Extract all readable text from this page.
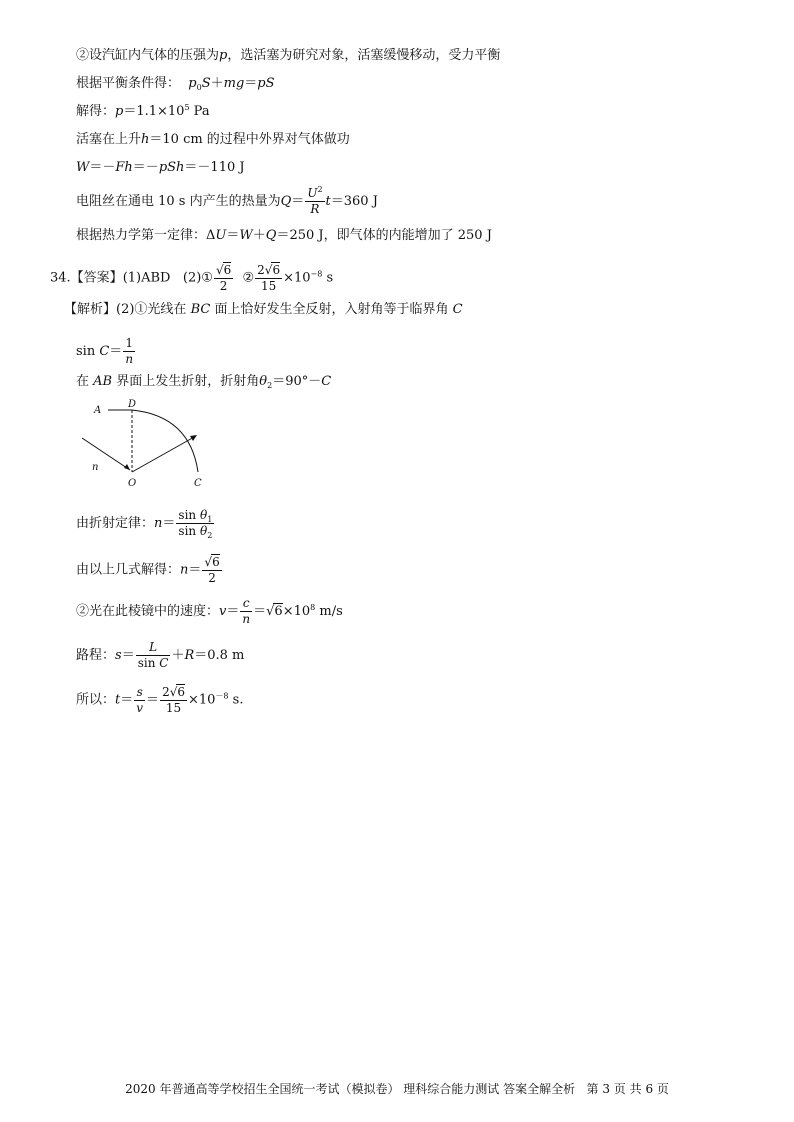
②设汽缸内气体的压强为p，选活塞为研究对象，活塞缓慢移动，受力平衡
根据平衡条件得： $p_0S+mg=pS$
解得：$p=1.1\times 10^5$ Pa
活塞在上升h＝10 cm 的过程中外界对气体做功
W＝－Fh＝－pSh＝－110 J
电阻丝在通电 10 s 内产生的热量为$Q= \frac{U^2}{R} t=360$ J
根据热力学第一定律：ΔU＝W＋Q＝250 J，即气体的内能增加了 250 J
34.【答案】(1)ABD (2)① $\frac{√6}{2}$ ② $\frac{2√6}{15} \times 10^{-8}$ s
【解析】(2)①光线在 BC 面上恰好发生全反射，入射角等于临界角 C
$\sin C= \frac{1}{n}$
在 AB 界面上发生折射，折射角$\theta_2=90^\circ-C$
A
D
n
O	C
由折射定律：$n= \frac{\sin \theta_1}{\sin \theta_2}$
由以上几式解得：$n= \frac{√6}{2}$
②光在此棱镜中的速度：$v= \frac{c}{n} =√6\times 10^8$ m/s
路程：$s= \frac{L}{\text{sin C}} +R=0.8$ m
所以：$t= \frac{s}{v} = \frac{2√6}{15} \times 10^{-8}$ s.
2020 年普通高等学校招生全国统一考试（模拟卷） 理科综合能力测试 答案全解全析 第 3 页 共 6 页
